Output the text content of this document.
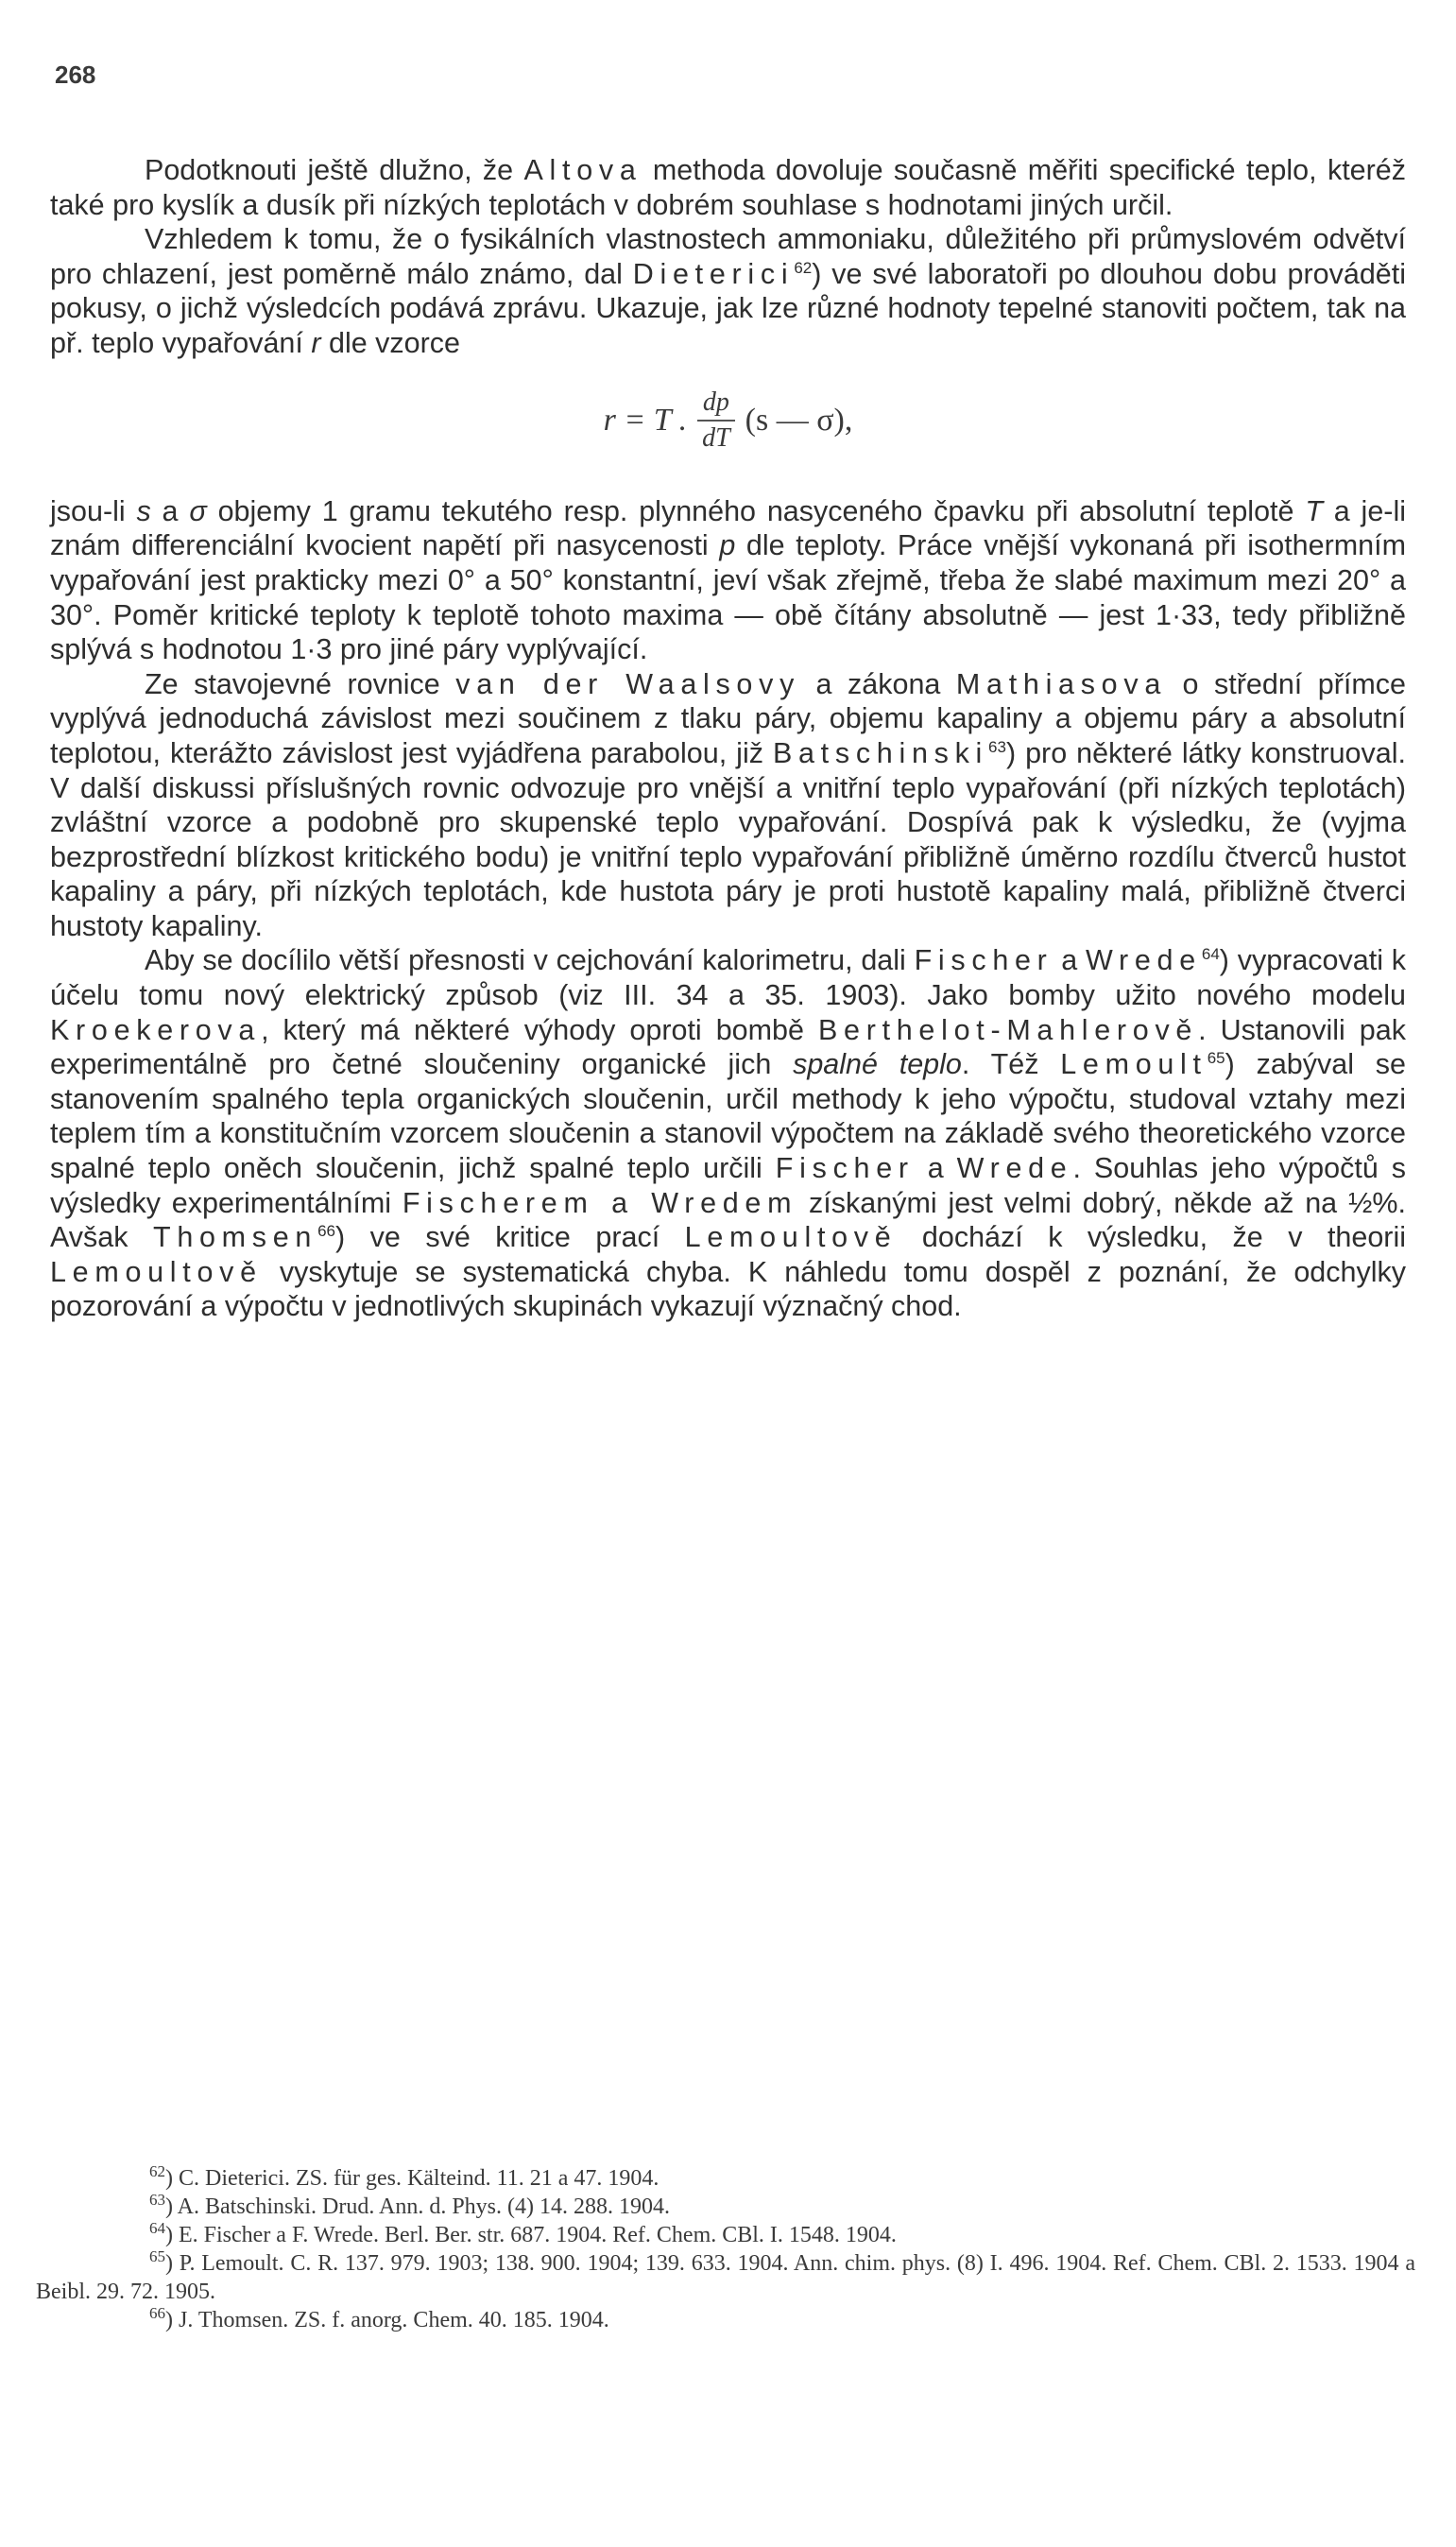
268

Podotknouti ještě dlužno, že Altova methoda dovoluje současně měřiti specifické teplo, kteréž také pro kyslík a dusík při nízkých teplotách v dobrém souhlase s hodnotami jiných určil.

Vzhledem k tomu, že o fysikálních vlastnostech ammoniaku, důležitého při průmyslovém odvětví pro chlazení, jest poměrně málo známo, dal Dieterici$^{62}$) ve své laboratoři po dlouhou dobu prováděti pokusy, o jichž výsledcích podává zprávu. Ukazuje, jak lze různé hodnoty tepelné stanoviti počtem, tak na př. teplo vypařování r dle vzorce

r = T . $\frac{dp}{dT} (s$ — σ),

jsou-li s a σ objemy 1 gramu tekutého resp. plynného nasyceného čpavku při absolutní teplotě T a je-li znám differenciální kvocient napětí při nasycenosti p dle teploty. Práce vnější vykonaná při isothermním vypařování jest prakticky mezi 0° a 50° konstantní, jeví však zřejmě, třeba že slabé maximum mezi 20° a 30°. Poměr kritické teploty k teplotě tohoto maxima — obě čítány absolutně — jest 1·33, tedy přibližně splývá s hodnotou 1·3 pro jiné páry vyplývající.

Ze stavojevné rovnice van der Waalsovy a zákona Mathiasova o střední přímce vyplývá jednoduchá závislost mezi součinem z tlaku páry, objemu kapaliny a objemu páry a absolutní teplotou, kterážto závislost jest vyjádřena parabolou, již Batschinski$^{63}$) pro některé látky konstruoval. V další diskussi příslušných rovnic odvozuje pro vnější a vnitřní teplo vypařování (při nízkých teplotách) zvláštní vzorce a podobně pro skupenské teplo vypařování. Dospívá pak k výsledku, že (vyjma bezprostřední blízkost kritického bodu) je vnitřní teplo vypařování přibližně úměrno rozdílu čtverců hustot kapaliny a páry, při nízkých teplotách, kde hustota páry je proti hustotě kapaliny malá, přibližně čtverci hustoty kapaliny.

Aby se docílilo větší přesnosti v cejchování kalorimetru, dali Fischer a Wrede$^{64}$) vypracovati k účelu tomu nový elektrický způsob (viz III. 34 a 35. 1903). Jako bomby užito nového modelu Kroekerova, který má některé výhody oproti bombě Berthelot-Mahlerově. Ustanovili pak experimentálně pro četné sloučeniny organické jich spalné teplo. Též Lemoult$^{65}$) zabýval se stanovením spalného tepla organických sloučenin, určil methody k jeho výpočtu, studoval vztahy mezi teplem tím a konstitučním vzorcem sloučenin a stanovil výpočtem na základě svého theoretického vzorce spalné teplo oněch sloučenin, jichž spalné teplo určili Fischer a Wrede. Souhlas jeho výpočtů s výsledky experimentálními Fischerem a Wredem získanými jest velmi dobrý, někde až na ½%. Avšak Thomsen$^{66}$) ve své kritice prací Lemoultově dochází k výsledku, že v theorii Lemoultově vyskytuje se systematická chyba. K náhledu tomu dospěl z poznání, že odchylky pozorování a výpočtu v jednotlivých skupinách vykazují význačný chod.

$^{62}$) C. Dieterici. ZS. für ges. Kälteind. 11. 21 a 47. 1904.

$^{63}$) A. Batschinski. Drud. Ann. d. Phys. (4) 14. 288. 1904.

$^{64}$) E. Fischer a F. Wrede. Berl. Ber. str. 687. 1904. Ref. Chem. CBl. I. 1548. 1904.

$^{65}$) P. Lemoult. C. R. 137. 979. 1903; 138. 900. 1904; 139. 633. 1904. Ann. chim. phys. (8) I. 496. 1904. Ref. Chem. CBl. 2. 1533. 1904 a Beibl. 29. 72. 1905.

$^{66}$) J. Thomsen. ZS. f. anorg. Chem. 40. 185. 1904.
